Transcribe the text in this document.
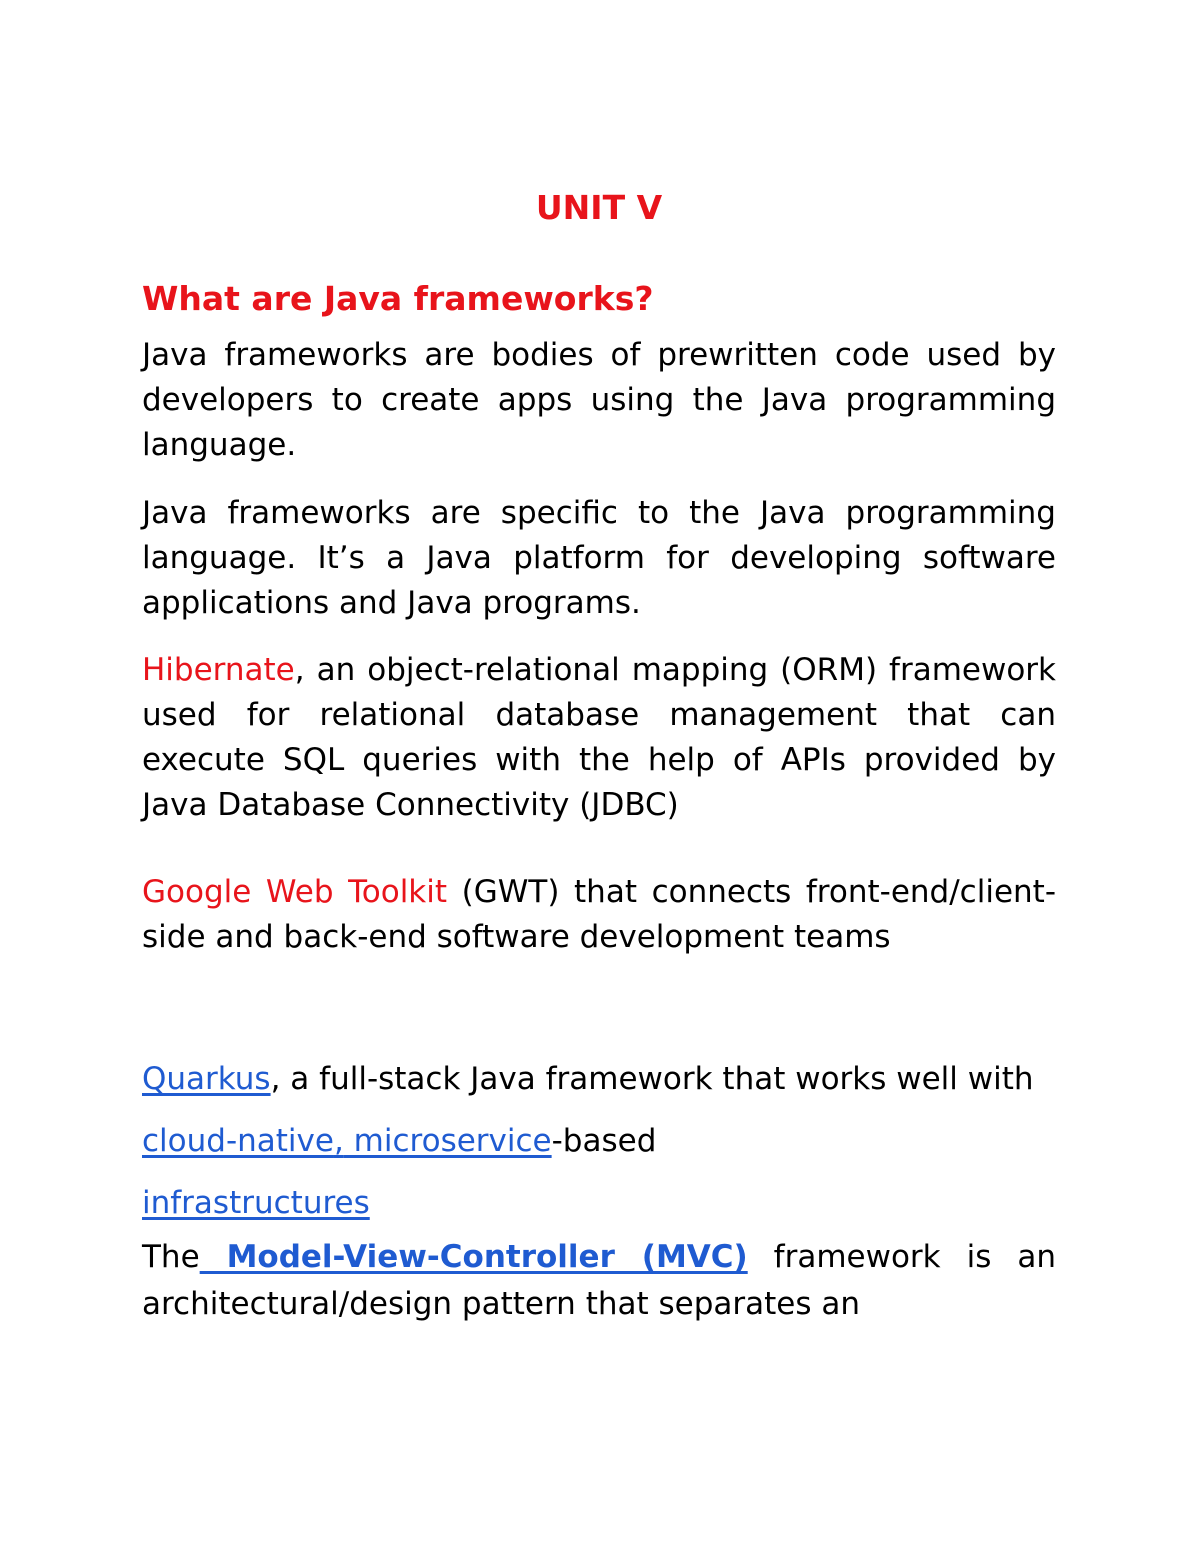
UNIT V
What are Java frameworks?

Java frameworks are bodies of prewritten code used by developers to create apps using the Java programming language.

Java frameworks are specific to the Java programming language. It’s a Java platform for developing software applications and Java programs.

Hibernate, an object-relational mapping (ORM) framework used for relational database management that can execute SQL queries with the help of APIs provided by Java Database Connectivity (JDBC)

Google Web Toolkit (GWT) that connects front-end/client-side and back-end software development teams

Quarkus, a full-stack Java framework that works well with cloud-native, microservice-based
infrastructures

The Model-View-Controller (MVC) framework is an architectural/design pattern that separates an
